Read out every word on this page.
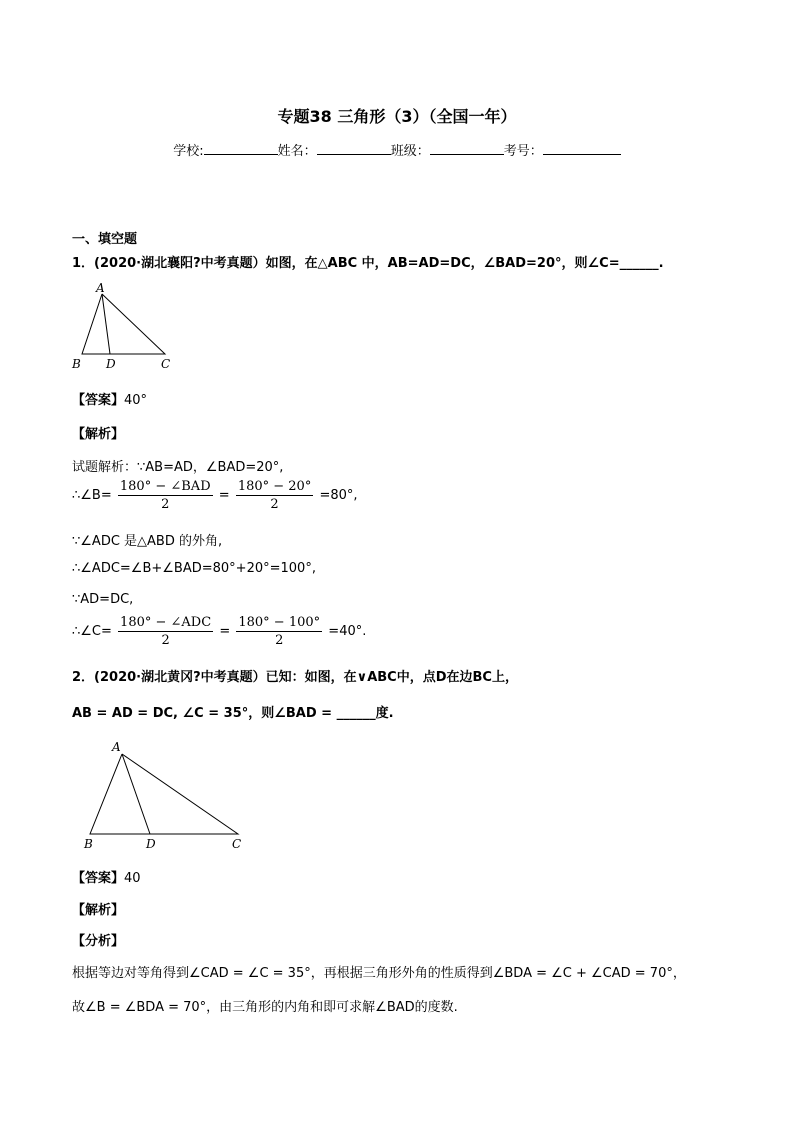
专题38 三角形（3）（全国一年）
学校:	姓名：	班级：	考号：
一、填空题
1．(2020·湖北襄阳?中考真题）如图，在△ABC 中，AB=AD=DC，∠BAD=20°，则∠C=______.
A
B D	C
【答案】40°
【解析】
试题解析：∵AB=AD，∠BAD=20°,
∴∠B= $\frac{\text{180° − ∠BAD}}{2} = \frac{180^\circ - 20^\circ}{2} =80^\circ$,
∵∠ADC 是△ABD 的外角,
∴∠ADC=∠B+∠BAD=80°+20°=100°,
∵AD=DC,
∴∠C= $\frac{\text{180° − ∠ADC}}{2} = \frac{180^\circ - 100^\circ}{2} =40^\circ$.
2．(2020·湖北黄冈?中考真题）已知：如图，在∨ABC中，点D在边BC上，
AB = AD = DC, ∠C = 35°，则∠BAD = ______度.
A
B	D	C
【答案】40
【解析】
【分析】
根据等边对等角得到∠CAD = ∠C = 35°，再根据三角形外角的性质得到∠BDA = ∠C + ∠CAD = 70°，
故∠B = ∠BDA = 70°，由三角形的内角和即可求解∠BAD的度数.
